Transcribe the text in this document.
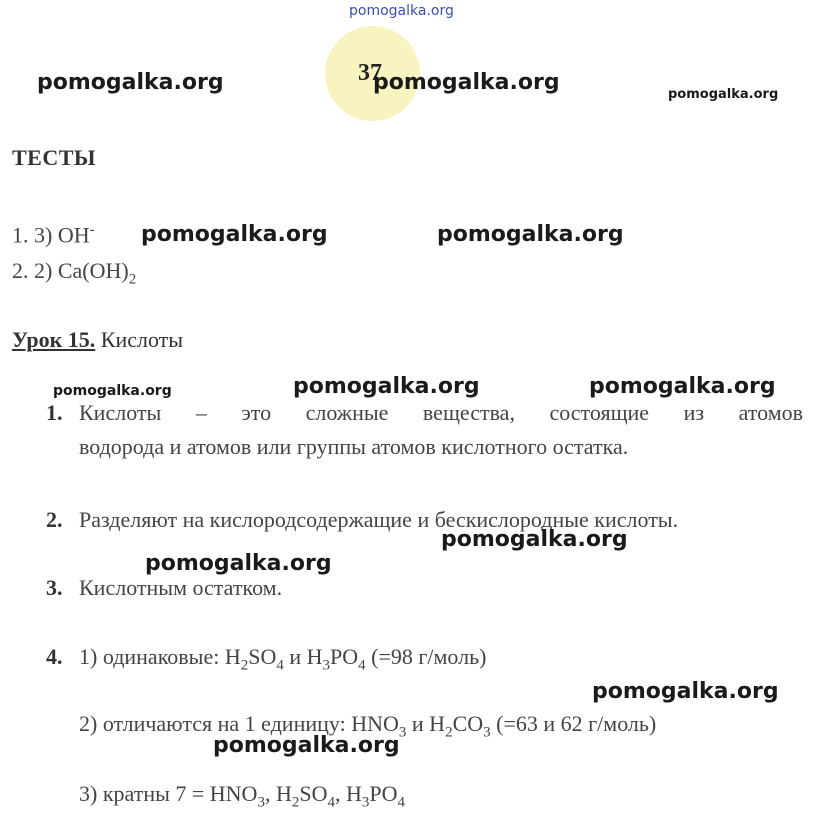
pomogalka.org
37
pomogalka.org	pomogalka.org	pomogalka.org
ТЕСТЫ
1. 3) OH- pomogalka.org	pomogalka.org
2. 2) $Ca(OH)_2$
Урок 15. Кислоты
pomogalka.org	pomogalka.org	pomogalka.org
1. Кислоты – это сложные вещества, состоящие из атомов
водорода и атомов или группы атомов кислотного остатка.
2. Разделяют на кислородсодержащие и бескислородные кислоты.
pomogalka.org
pomogalka.org
3. Кислотным остатком.
4. 1) одинаковые: $H_2SO_4$ и $H_3PO_4$ (=98 г/моль)
pomogalka.org
2) отличаются на 1 единицу: $HNO_3$ и $H_2CO_3$ (=63 и 62 г/моль)
pomogalka.org
3) кратны $7 = HNO_3$, $H_2SO_4$, $H_3PO_4$
